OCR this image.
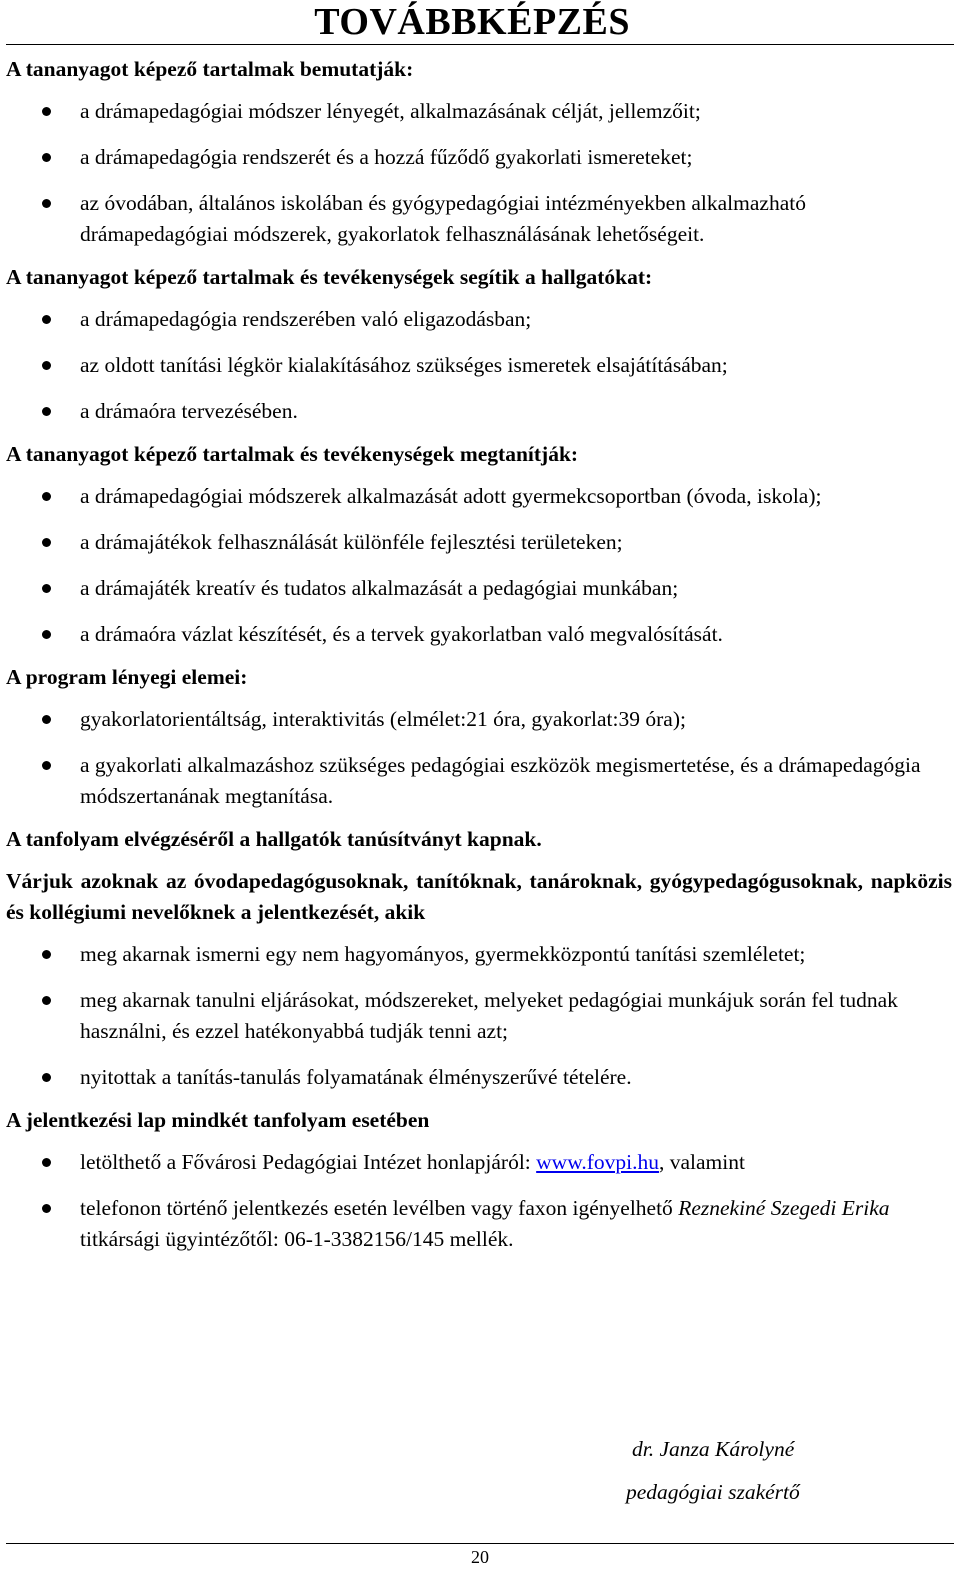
TOVÁBBKÉPZÉS
A tananyagot képező tartalmak bemutatják:
a drámapedagógiai módszer lényegét, alkalmazásának célját, jellemzőit;
a drámapedagógia rendszerét és a hozzá fűződő gyakorlati ismereteket;
az óvodában, általános iskolában és gyógypedagógiai intézményekben alkalmazható drámapedagógiai módszerek, gyakorlatok felhasználásának lehetőségeit.
A tananyagot képező tartalmak és tevékenységek segítik a hallgatókat:
a drámapedagógia rendszerében való eligazodásban;
az oldott tanítási légkör kialakításához szükséges ismeretek elsajátításában;
a drámaóra tervezésében.
A tananyagot képező tartalmak és tevékenységek megtanítják:
a drámapedagógiai módszerek alkalmazását adott gyermekcsoportban (óvoda, iskola);
a drámajátékok felhasználását különféle fejlesztési területeken;
a drámajáték kreatív és tudatos alkalmazását a pedagógiai munkában;
a drámaóra vázlat készítését, és a tervek gyakorlatban való megvalósítását.
A program lényegi elemei:
gyakorlatorientáltság, interaktivitás (elmélet:21 óra, gyakorlat:39 óra);
a gyakorlati alkalmazáshoz szükséges pedagógiai eszközök megismertetése, és a drámapedagógia módszertanának megtanítása.
A tanfolyam elvégzéséről a hallgatók tanúsítványt kapnak.
Várjuk azoknak az óvodapedagógusoknak, tanítóknak, tanároknak, gyógypedagógusoknak, napközis és kollégiumi nevelőknek a jelentkezését, akik
meg akarnak ismerni egy nem hagyományos, gyermekközpontú tanítási szemléletet;
meg akarnak tanulni eljárásokat, módszereket, melyeket pedagógiai munkájuk során fel tudnak használni, és ezzel hatékonyabbá tudják tenni azt;
nyitottak a tanítás-tanulás folyamatának élményszerűvé tételére.
A jelentkezési lap mindkét tanfolyam esetében
letölthető a Fővárosi Pedagógiai Intézet honlapjáról: www.fovpi.hu, valamint
telefonon történő jelentkezés esetén levélben vagy faxon igényelhető Reznekiné Szegedi Erika titkársági ügyintézőtől: 06-1-3382156/145 mellék.
dr. Janza Károlyné
pedagógiai szakértő
20
